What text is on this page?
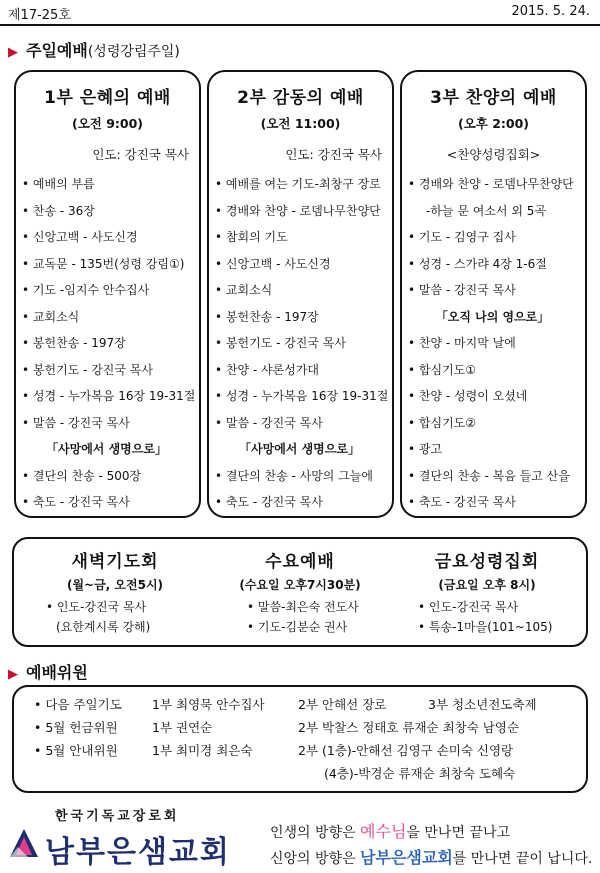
제17-25호	2015. 5. 24.
▶ 주일예배(성령강림주일)
1부 은혜의 예배
(오전 9:00)
인도: 강진국 목사
• 예배의 부름
• 찬송 - 36장
• 신앙고백 - 사도신경
• 교독문 - 135번(성령 강림①)
• 기도 -임지수 안수집사
• 교회소식
• 봉헌찬송 - 197장
• 봉헌기도 - 강진국 목사
• 성경 - 누가복음 16장 19-31절
• 말씀 - 강진국 목사
「사망에서 생명으로」
• 결단의 찬송 - 500장
• 축도 - 강진국 목사
2부 감동의 예배
(오전 11:00)
인도: 강진국 목사
• 예배를 여는 기도-최창구 장로
• 경배와 찬양 - 로뎀나무찬양단
• 참회의 기도
• 신앙고백 - 사도신경
• 교회소식
• 봉헌찬송 - 197장
• 봉헌기도 - 강진국 목사
• 찬양 - 샤론성가대
• 성경 - 누가복음 16장 19-31절
• 말씀 - 강진국 목사
「사망에서 생명으로」
• 결단의 찬송 - 사망의 그늘에
• 축도 - 강진국 목사
3부 찬양의 예배
(오후 2:00)
<찬양성령집회>
• 경배와 찬양 - 로뎀나무찬양단
-하늘 문 여소서 외 5곡
• 기도 - 김영구 집사
• 성경 - 스가랴 4장 1-6절
• 말씀 - 강진국 목사
「오직 나의 영으로」
• 찬양 - 마지막 날에
• 합심기도①
• 찬양 - 성령이 오셨네
• 합심기도②
• 광고
• 결단의 찬송 - 복음 들고 산을
• 축도 - 강진국 목사
새벽기도회
(월~금, 오전5시)
• 인도-강진국 목사
(요한계시록 강해)
수요예배
(수요일 오후7시30분)
• 말씀-최은숙 전도사
• 기도-김분순 권사
금요성령집회
(금요일 오후 8시)
• 인도-강진국 목사
• 특송-1마을(101~105)
▶ 예배위원
• 다음 주일기도 1부 최영묵 안수집사	2부 안해선 장로	3부 청소년전도축제
• 5월 헌금위원	1부 권연순	2부 박찰스 정태호 류재순 최창숙 남영순
• 5월 안내위원	1부 최미경 최은숙	2부 (1층)-안해선 김영구 손미숙 신영랑
(4층)-박경순 류재순 최창숙 도혜숙
한국기독교장로회
남부은샘교회
인생의 방향은 예수님을 만나면 끝나고
신앙의 방향은 남부은샘교회를 만나면 끝이 납니다.
